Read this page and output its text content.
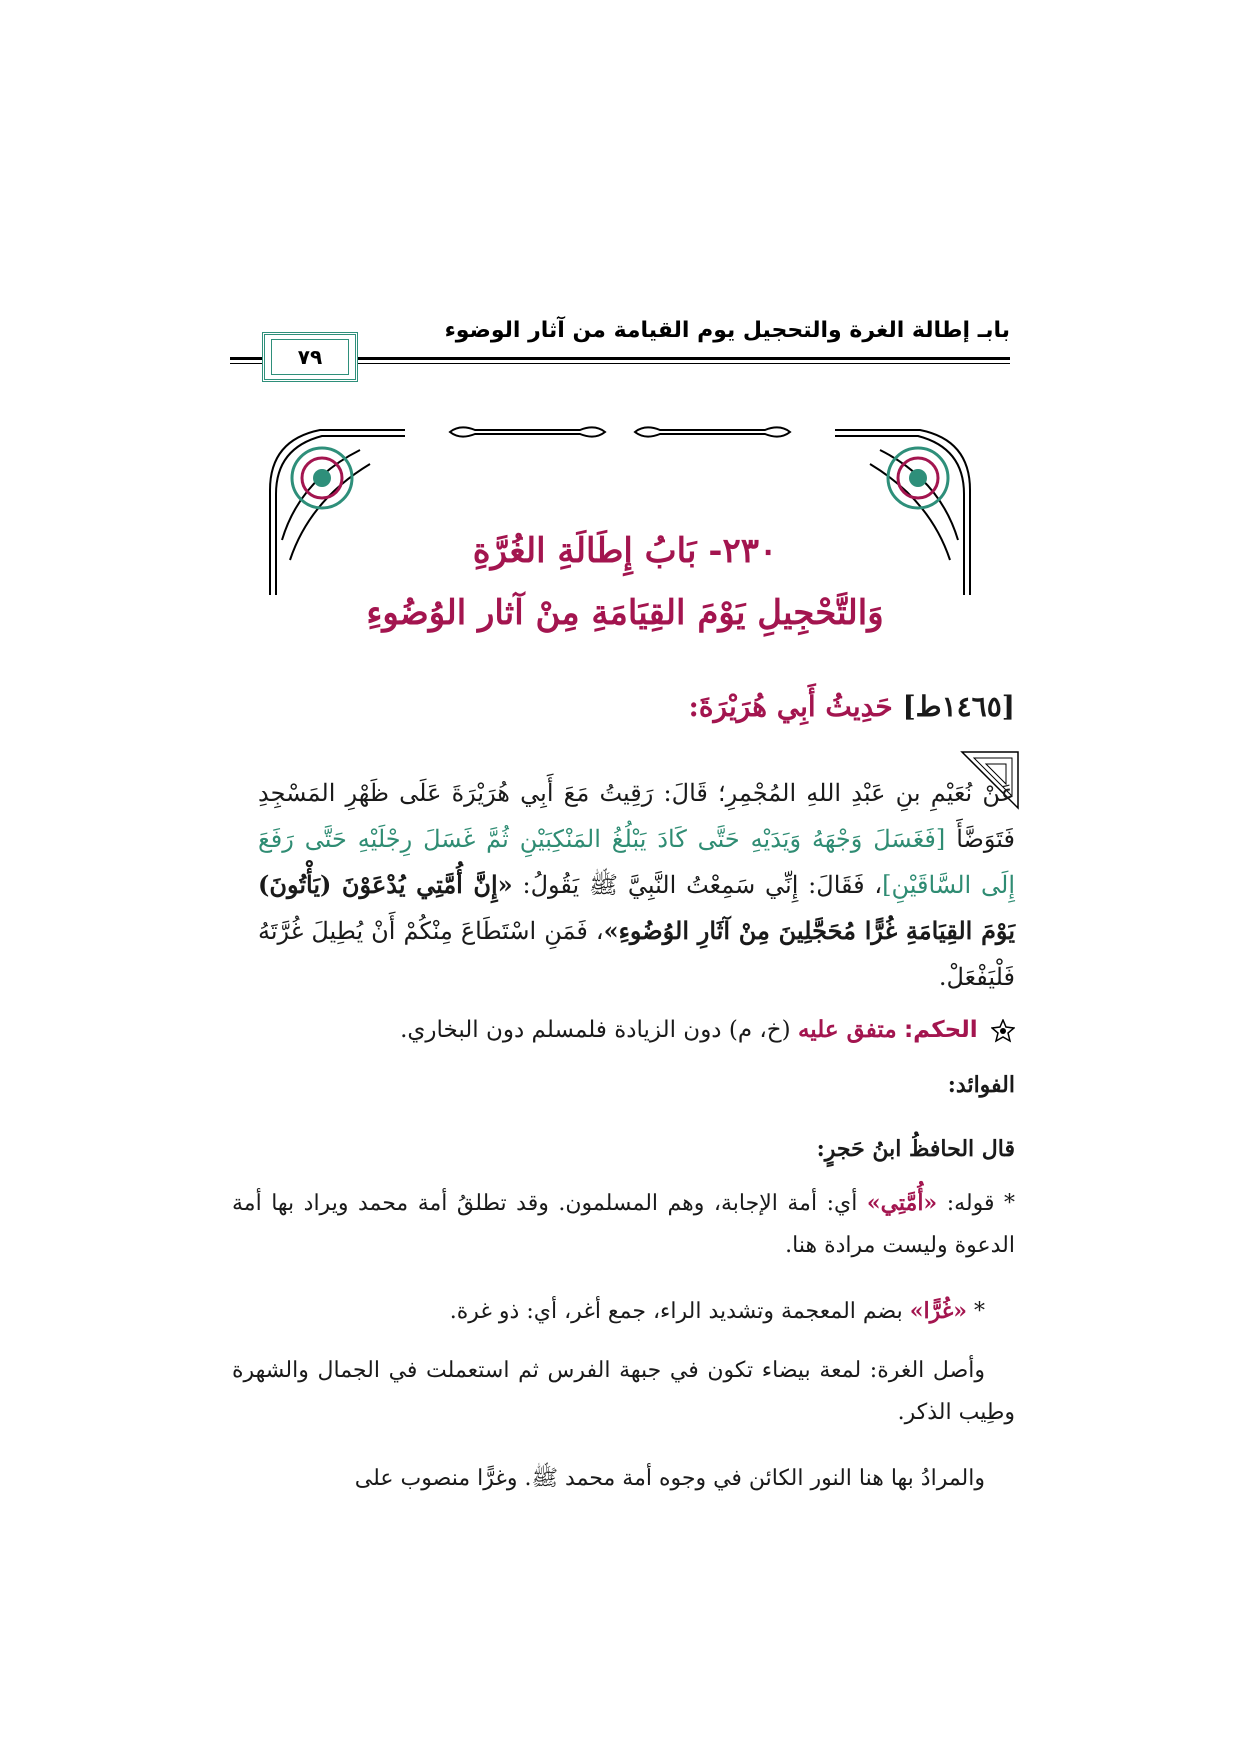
بابـ إطالة الغرة والتحجيل يوم القيامة من آثار الوضوء
٧٩
٢٣٠- بَابُ إِطَالَةِ الغُرَّةِ
وَالتَّحْجِيلِ يَوْمَ القِيَامَةِ مِنْ آثار الوُضُوءِ
[١٤٦٥ط] حَدِيثُ أَبِي هُرَيْرَةَ:
عَنْ نُعَيْمِ بنِ عَبْدِ اللهِ المُجْمِرِ؛ قَالَ: رَقِيتُ مَعَ أَبِي هُرَيْرَةَ عَلَى ظَهْرِ المَسْجِدِ فَتَوَضَّأَ [فَغَسَلَ وَجْهَهُ وَيَدَيْهِ حَتَّى كَادَ يَبْلُغُ المَنْكِبَيْنِ ثُمَّ غَسَلَ رِجْلَيْهِ حَتَّى رَفَعَ إِلَى السَّاقَيْنِ]، فَقَالَ: إِنِّي سَمِعْتُ النَّبِيَّ ﷺ يَقُولُ: «إِنَّ أُمَّتِي يُدْعَوْنَ (يَأْتُونَ) يَوْمَ القِيَامَةِ غُرًّا مُحَجَّلِينَ مِنْ آثَارِ الوُضُوءِ»، فَمَنِ اسْتَطَاعَ مِنْكُمْ أَنْ يُطِيلَ غُرَّتَهُ فَلْيَفْعَلْ.
الحكم: متفق عليه (خ، م) دون الزيادة فلمسلم دون البخاري.
الفوائد:
قال الحافظُ ابنُ حَجرٍ:
* قوله: «أُمَّتِي» أي: أمة الإجابة، وهم المسلمون. وقد تطلقُ أمة محمد ويراد بها أمة الدعوة وليست مرادة هنا.
* «غُرًّا» بضم المعجمة وتشديد الراء، جمع أغر، أي: ذو غرة.
وأصل الغرة: لمعة بيضاء تكون في جبهة الفرس ثم استعملت في الجمال والشهرة وطِيب الذكر.
والمرادُ بها هنا النور الكائن في وجوه أمة محمد ﷺ. وغرًّا منصوب على
